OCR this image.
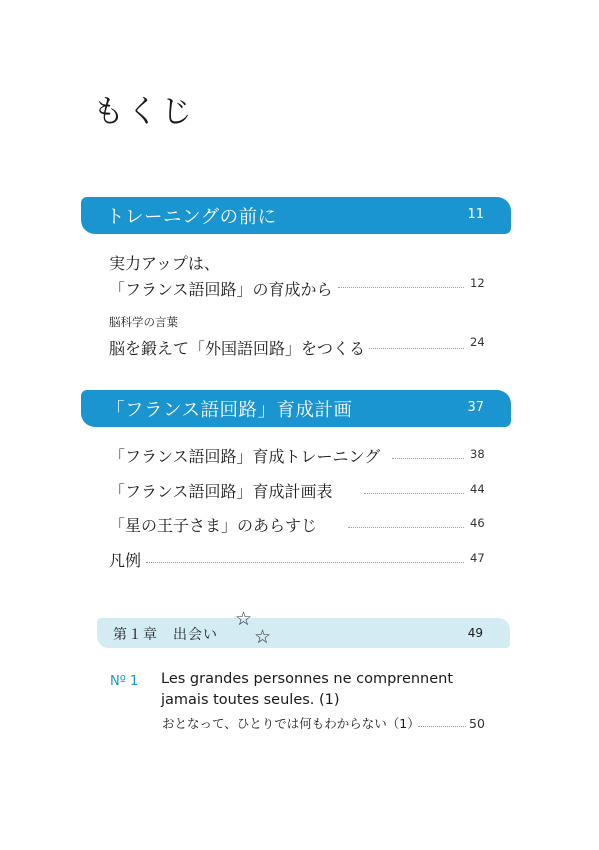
もくじ
トレーニングの前に	11
実力アップは、
「フランス語回路」の育成から	12
脳科学の言葉
脳を鍛えて「外国語回路」をつくる	24
「フランス語回路」育成計画	37
「フランス語回路」育成トレーニング	38
「フランス語回路」育成計画表	44
「星の王子さま」のあらすじ	46
凡例	47
第１章　出会い	49
☆
☆
Nº 1 Les grandes personnes ne comprennent
jamais toutes seules. (1)
おとなって、ひとりでは何もわからない（1）	50
